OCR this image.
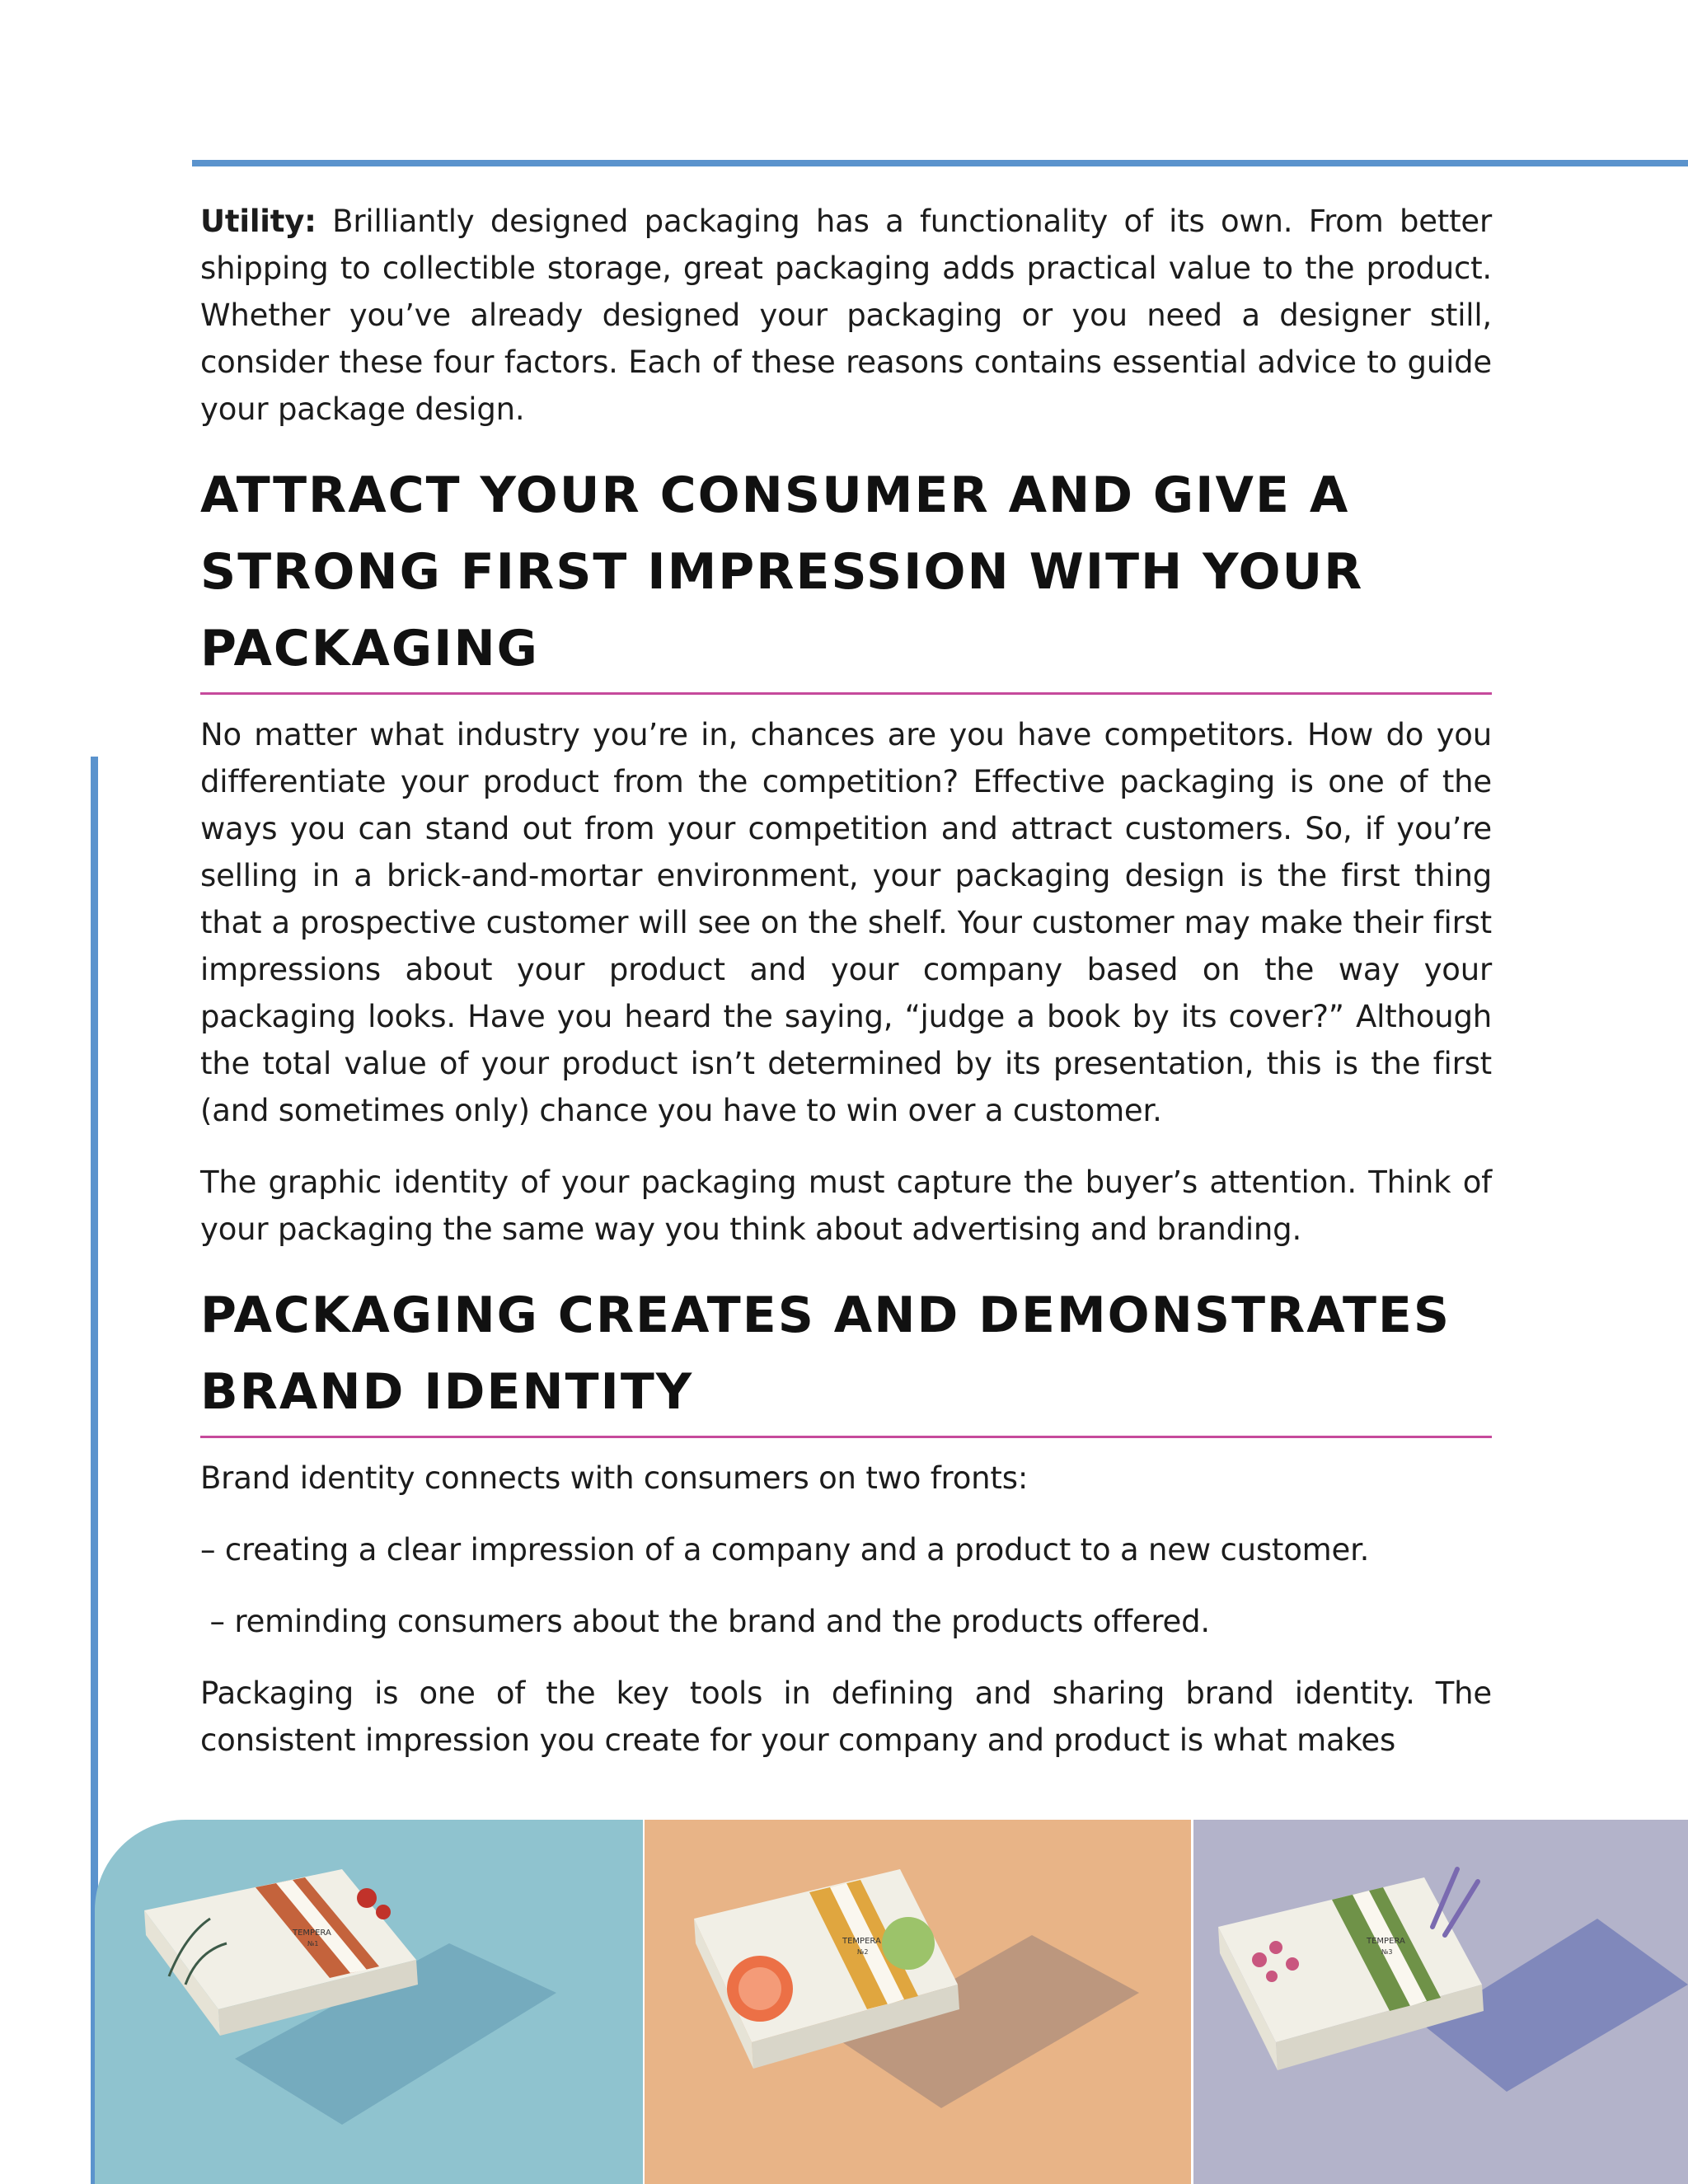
Utility: Brilliantly designed packaging has a functionality of its own. From better shipping to collectible storage, great packaging adds practical value to the product. Whether you’ve already designed your packaging or you need a designer still, consider these four factors. Each of these reasons contains essential advice to guide your package design.

ATTRACT YOUR CONSUMER AND GIVE A STRONG FIRST IMPRESSION WITH YOUR PACKAGING

No matter what industry you’re in, chances are you have competitors. How do you differentiate your product from the competition? Effective packaging is one of the ways you can stand out from your competition and attract customers. So, if you’re selling in a brick-and-mortar environment, your packaging design is the first thing that a prospective customer will see on the shelf. Your customer may make their first impressions about your product and your company based on the way your packaging looks. Have you heard the saying, “judge a book by its cover?” Although the total value of your product isn’t determined by its presentation, this is the first (and sometimes only) chance you have to win over a customer.

The graphic identity of your packaging must capture the buyer’s attention. Think of your packaging the same way you think about advertising and branding.

PACKAGING CREATES AND DEMONSTRATES BRAND IDENTITY

Brand identity connects with consumers on two fronts:

– creating a clear impression of a company and a product to a new customer.

– reminding consumers about the brand and the products offered.

Packaging is one of the key tools in defining and sharing brand identity. The consistent impression you create for your company and product is what makes

TEMPERA
№1	TEMPERA
№2
TEMPERA
№3
